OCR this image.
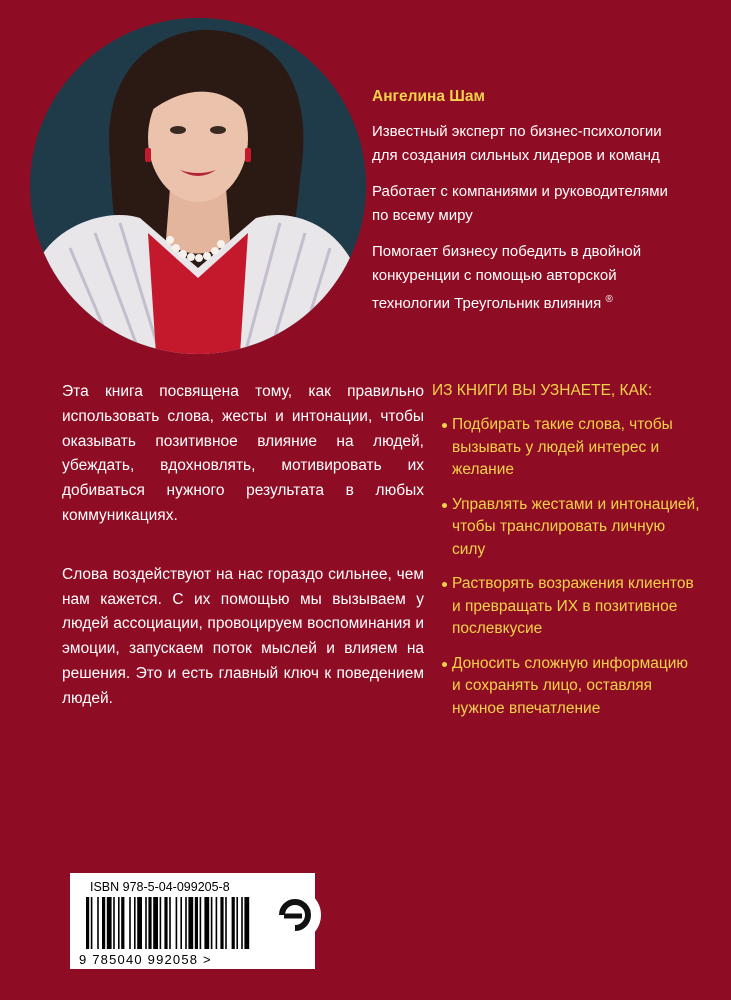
Ангелина Шам

Известный эксперт по бизнес-психологии для создания сильных лидеров и команд

Работает с компаниями и руководителями по всему миру

Помогает бизнесу победить в двойной конкуренции с помощью авторской технологии Треугольник влияния ®

Эта книга посвящена тому, как правильно использовать слова, жесты и интонации, чтобы оказывать позитивное влияние на людей, убеждать, вдохновлять, мотивировать их добиваться нужного результата в любых коммуникациях.

Слова воздействуют на нас гораздо сильнее, чем нам кажется. С их помощью мы вызываем у людей ассоциации, провоцируем воспоминания и эмоции, запускаем поток мыслей и влияем на решения. Это и есть главный ключ к поведением людей.

ИЗ КНИГИ ВЫ УЗНАЕТЕ, КАК:
Подбирать такие слова, чтобы вызывать у людей интерес и желание
Управлять жестами и интонацией, чтобы транслировать личную силу
Растворять возражения клиентов и превращать ИХ в позитивное послевкусие
Доносить сложную информацию и сохранять лицо, оставляя нужное впечатление
ISBN 978-5-04-099205-8
9 785040 992058 >
